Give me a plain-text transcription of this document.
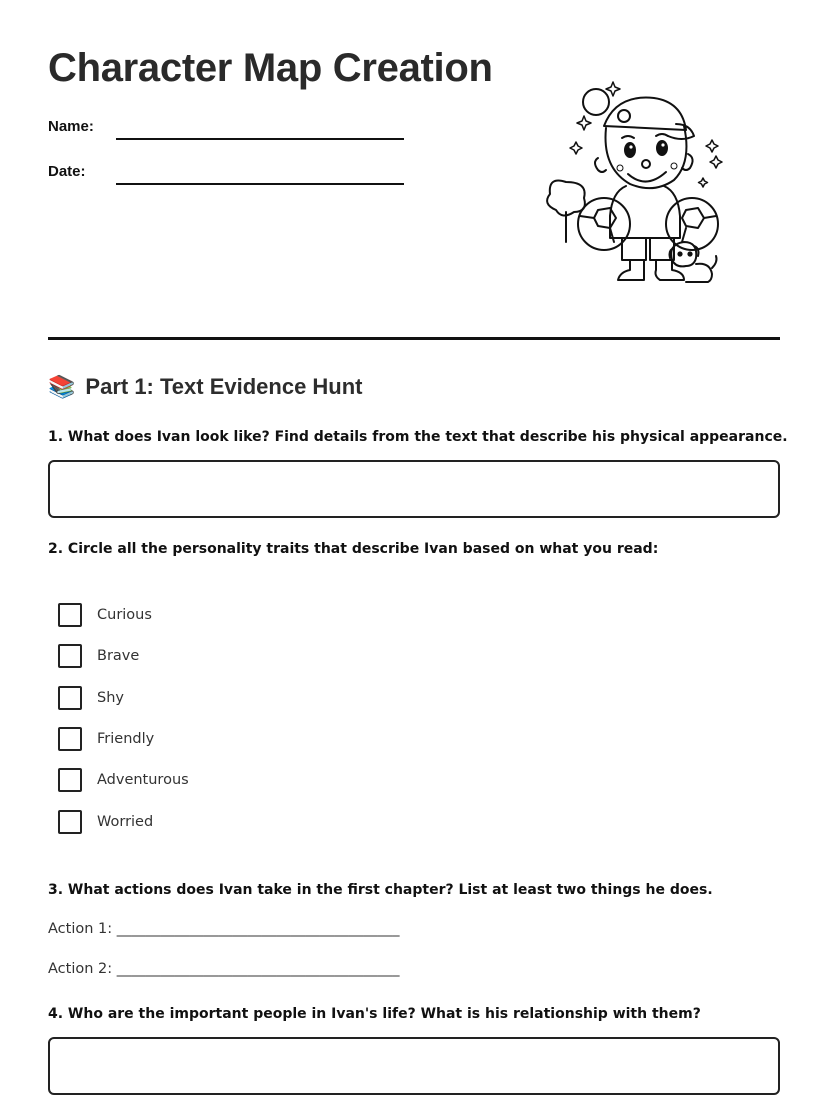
Character Map Creation
Name:
Date:
📚 Part 1: Text Evidence Hunt
1. What does Ivan look like? Find details from the text that describe his physical appearance.
2. Circle all the personality traits that describe Ivan based on what you read:
Curious
Brave
Shy
Friendly
Adventurous
Worried
3. What actions does Ivan take in the first chapter? List at least two things he does.
Action 1: _______________________________________
Action 2: _______________________________________
4. Who are the important people in Ivan's life? What is his relationship with them?
